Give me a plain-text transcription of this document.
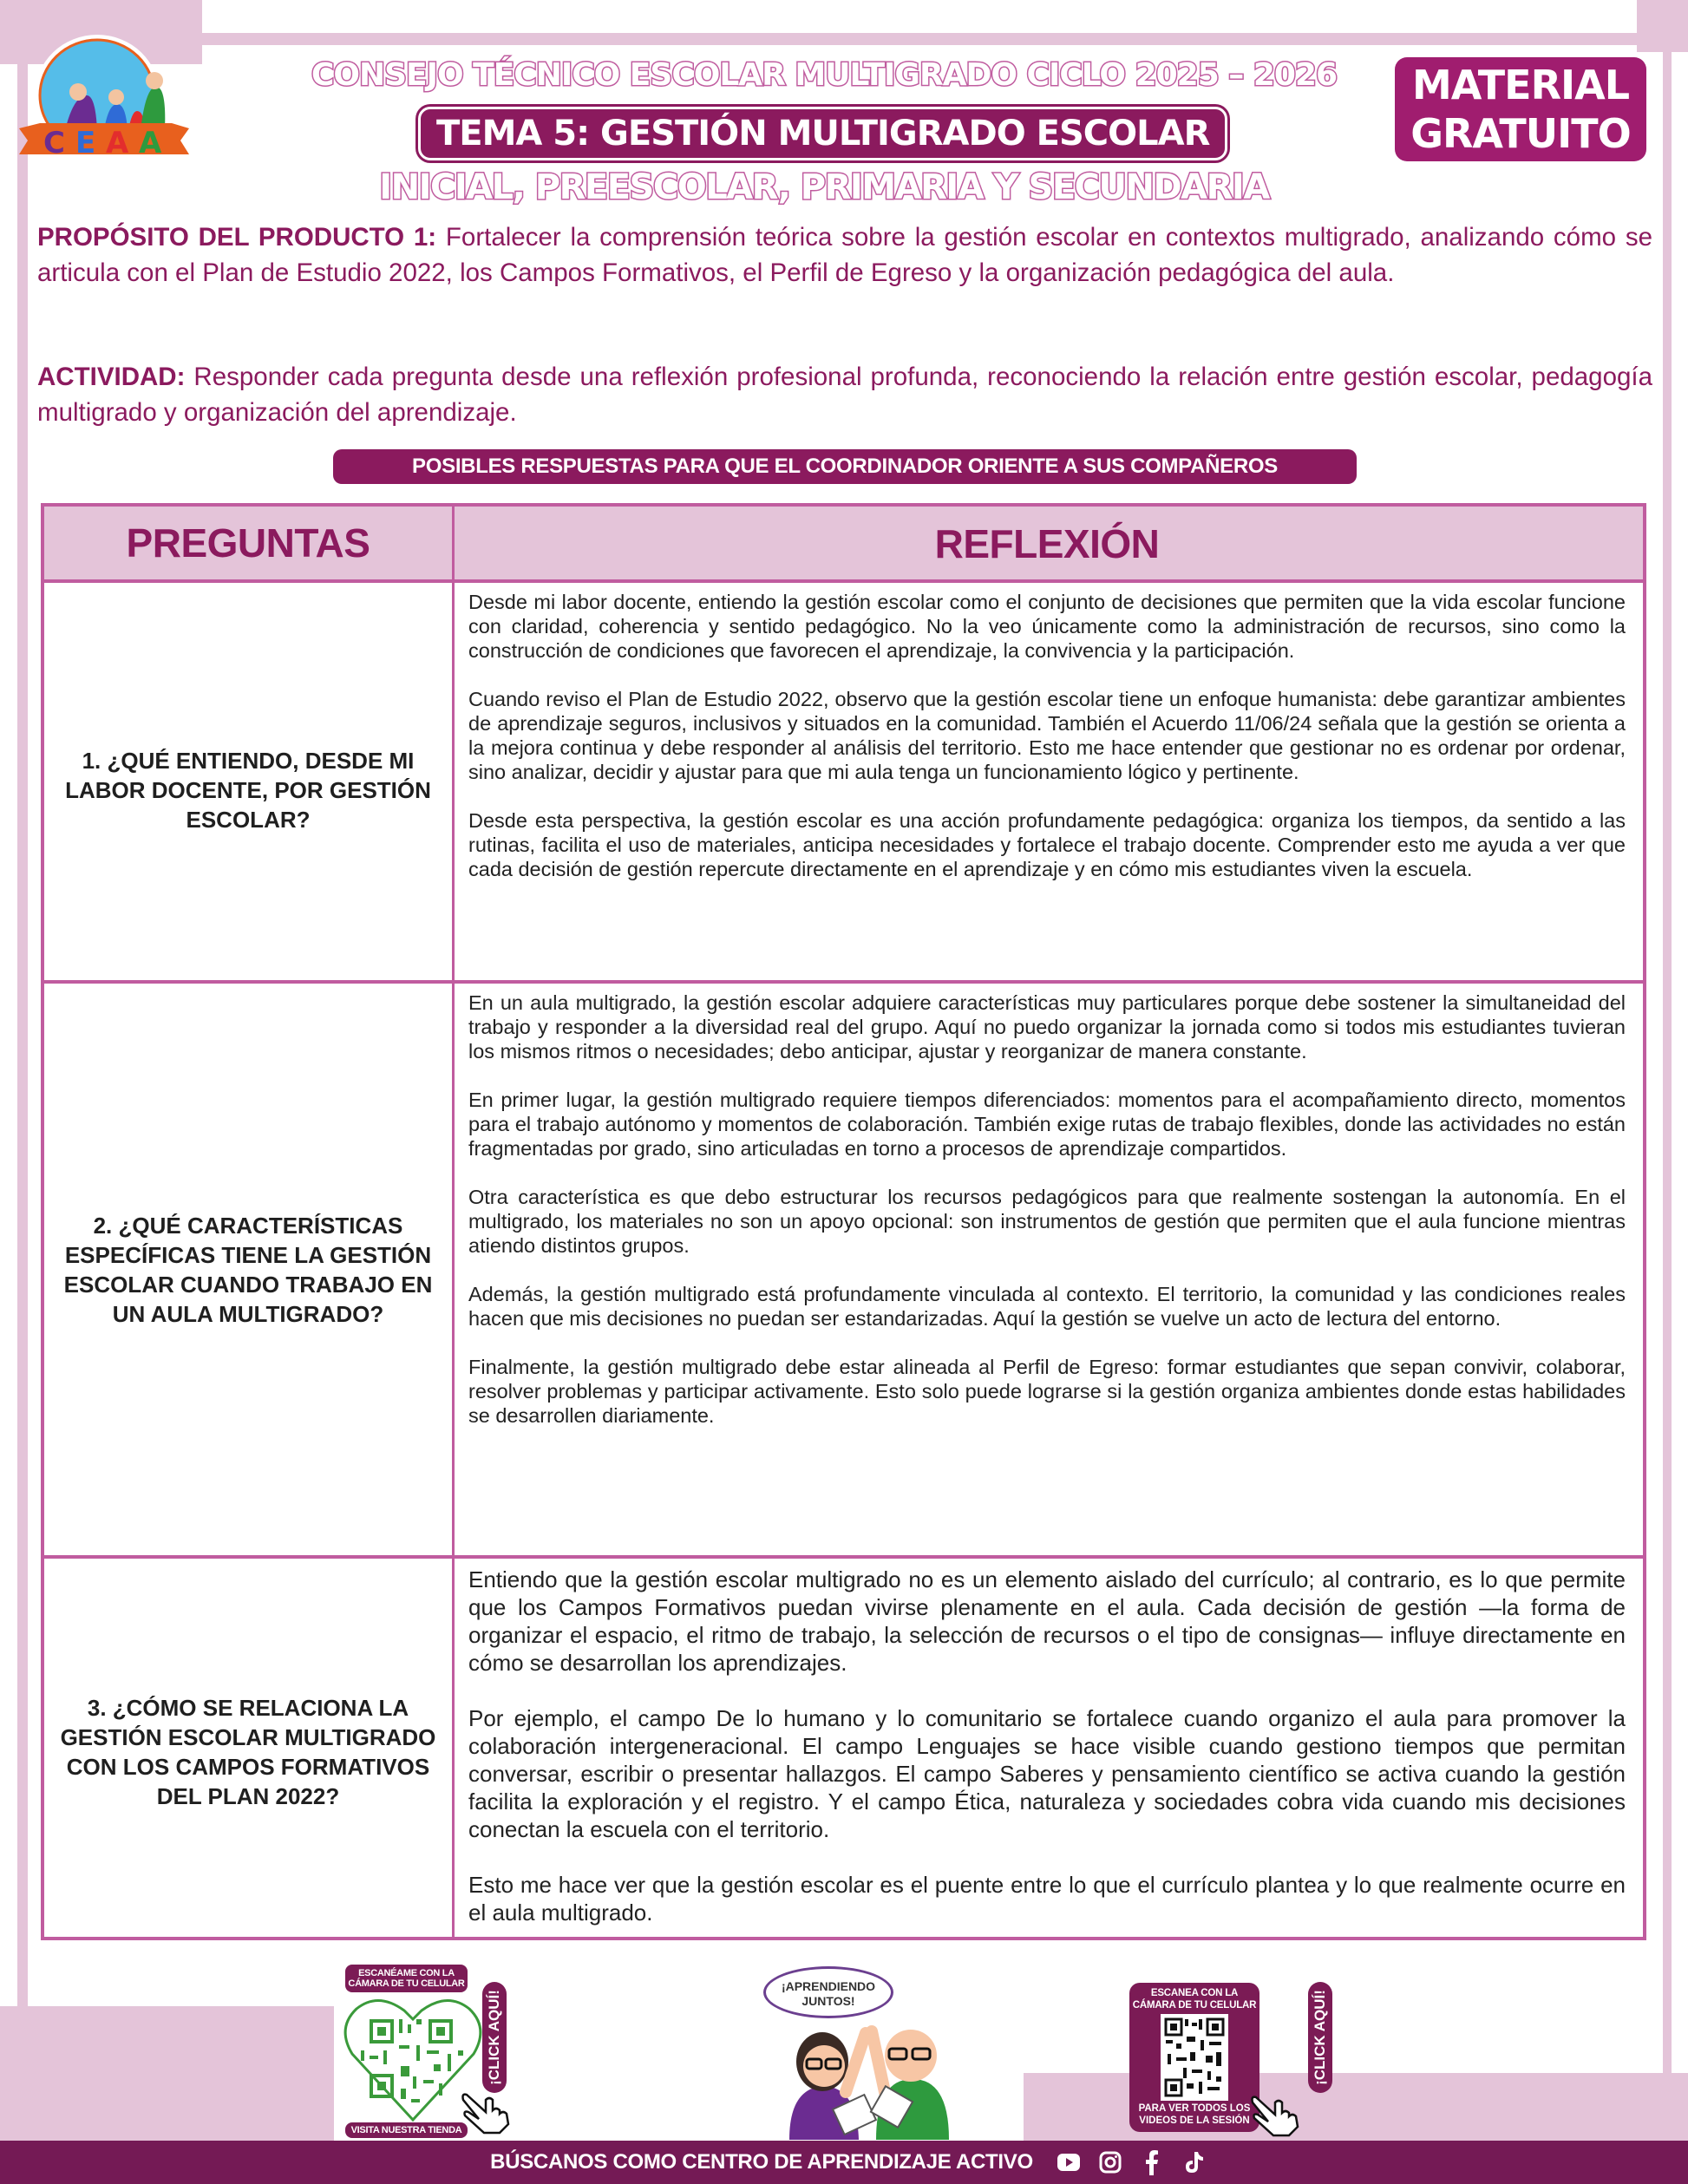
C E A A
CONSEJO TÉCNICO ESCOLAR MULTIGRADO CICLO 2025 – 2026
TEMA 5: GESTIÓN MULTIGRADO ESCOLAR
INICIAL, PREESCOLAR, PRIMARIA Y SECUNDARIA
MATERIAL
GRATUITO

PROPÓSITO DEL PRODUCTO 1: Fortalecer la comprensión teórica sobre la gestión escolar en contextos multigrado, analizando cómo se articula con el Plan de Estudio 2022, los Campos Formativos, el Perfil de Egreso y la organización pedagógica del aula.

ACTIVIDAD: Responder cada pregunta desde una reflexión profesional profunda, reconociendo la relación entre gestión escolar, pedagogía multigrado y organización del aprendizaje.

POSIBLES RESPUESTAS PARA QUE EL COORDINADOR ORIENTE A SUS COMPAÑEROS
PREGUNTAS	REFLEXIÓN
1. ¿QUÉ ENTIENDO, DESDE MI LABOR DOCENTE, POR GESTIÓN ESCOLAR?

Desde mi labor docente, entiendo la gestión escolar como el conjunto de decisiones que permiten que la vida escolar funcione con claridad, coherencia y sentido pedagógico. No la veo únicamente como la administración de recursos, sino como la construcción de condiciones que favorecen el aprendizaje, la convivencia y la participación.

Cuando reviso el Plan de Estudio 2022, observo que la gestión escolar tiene un enfoque humanista: debe garantizar ambientes de aprendizaje seguros, inclusivos y situados en la comunidad. También el Acuerdo 11/06/24 señala que la gestión se orienta a la mejora continua y debe responder al análisis del territorio. Esto me hace entender que gestionar no es ordenar por ordenar, sino analizar, decidir y ajustar para que mi aula tenga un funcionamiento lógico y pertinente.

Desde esta perspectiva, la gestión escolar es una acción profundamente pedagógica: organiza los tiempos, da sentido a las rutinas, facilita el uso de materiales, anticipa necesidades y fortalece el trabajo docente. Comprender esto me ayuda a ver que cada decisión de gestión repercute directamente en el aprendizaje y en cómo mis estudiantes viven la escuela.

2. ¿QUÉ CARACTERÍSTICAS ESPECÍFICAS TIENE LA GESTIÓN ESCOLAR CUANDO TRABAJO EN UN AULA MULTIGRADO?

En un aula multigrado, la gestión escolar adquiere características muy particulares porque debe sostener la simultaneidad del trabajo y responder a la diversidad real del grupo. Aquí no puedo organizar la jornada como si todos mis estudiantes tuvieran los mismos ritmos o necesidades; debo anticipar, ajustar y reorganizar de manera constante.

En primer lugar, la gestión multigrado requiere tiempos diferenciados: momentos para el acompañamiento directo, momentos para el trabajo autónomo y momentos de colaboración. También exige rutas de trabajo flexibles, donde las actividades no están fragmentadas por grado, sino articuladas en torno a procesos de aprendizaje compartidos.

Otra característica es que debo estructurar los recursos pedagógicos para que realmente sostengan la autonomía. En el multigrado, los materiales no son un apoyo opcional: son instrumentos de gestión que permiten que el aula funcione mientras atiendo distintos grupos.

Además, la gestión multigrado está profundamente vinculada al contexto. El territorio, la comunidad y las condiciones reales hacen que mis decisiones no puedan ser estandarizadas. Aquí la gestión se vuelve un acto de lectura del entorno.

Finalmente, la gestión multigrado debe estar alineada al Perfil de Egreso: formar estudiantes que sepan convivir, colaborar, resolver problemas y participar activamente. Esto solo puede lograrse si la gestión organiza ambientes donde estas habilidades se desarrollen diariamente.

3. ¿CÓMO SE RELACIONA LA GESTIÓN ESCOLAR MULTIGRADO CON LOS CAMPOS FORMATIVOS DEL PLAN 2022?

Entiendo que la gestión escolar multigrado no es un elemento aislado del currículo; al contrario, es lo que permite que los Campos Formativos puedan vivirse plenamente en el aula. Cada decisión de gestión —la forma de organizar el espacio, el ritmo de trabajo, la selección de recursos o el tipo de consignas— influye directamente en cómo se desarrollan los aprendizajes.

Por ejemplo, el campo De lo humano y lo comunitario se fortalece cuando organizo el aula para promover la colaboración intergeneracional. El campo Lenguajes se hace visible cuando gestiono tiempos que permitan conversar, escribir o presentar hallazgos. El campo Saberes y pensamiento científico se activa cuando la gestión facilita la exploración y el registro. Y el campo Ética, naturaleza y sociedades cobra vida cuando mis decisiones conectan la escuela con el territorio.

Esto me hace ver que la gestión escolar es el puente entre lo que el currículo plantea y lo que realmente ocurre en el aula multigrado.

ESCANÉAME CON LA CÁMARA DE TU CELULAR
VISITA NUESTRA TIENDA
¡CLICK AQUÍ!
¡APRENDIENDO JUNTOS!
ESCANEA CON LA CÁMARA DE TU CELULAR
PARA VER TODOS LOS VIDEOS DE LA SESIÓN
¡CLICK AQUÍ!
BÚSCANOS COMO CENTRO DE APRENDIZAJE ACTIVO
